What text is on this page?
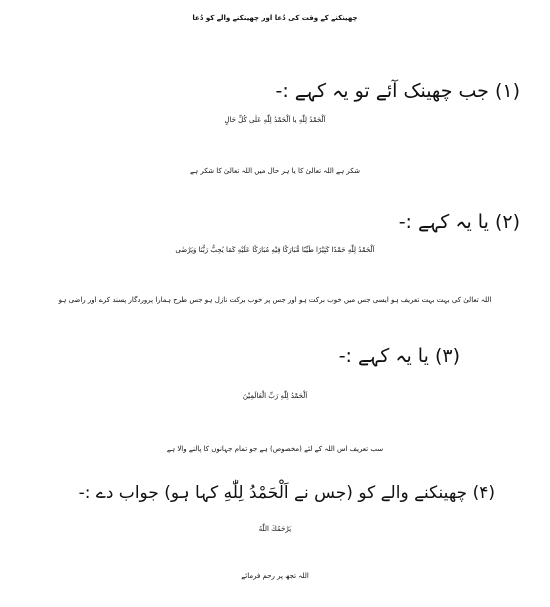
چھینکنے کے وقت کی دُعا اور چھینکنے والے کو دُعا
(۱) جب چھینک آئے تو یہ کہے :-
اَلْحَمْدُ لِلّٰهِ یا اَلْحَمْدُ لِلّٰهِ عَلٰى كُلِّ حَالٍ
شکر ہے اللہ تعالیٰ کا یا ہر حال میں اللہ تعالیٰ کا شکر ہے
(۲) یا یہ کہے :-
اَلْحَمْدُ لِلّٰهِ حَمْدًا كَثِيْرًا طَيِّبًا مُّبَارَكًا فِيْهِ مُبَارَكًا عَلَيْهِ كَمَا يُحِبُّ رَبُّنَا وَيَرْضٰى
اللہ تعالیٰ کی بہت بہت تعریف ہو ایسی جس میں خوب برکت ہو اور جس پر خوب برکت نازل ہو جس طرح ہمارا پروردگار پسند کرے اور راضی ہو
(۳) یا یہ کہے :-
اَلْحَمْدُ لِلّٰهِ رَبِّ الْعَالَمِيْنَ
سب تعریف اس اللہ کے لئے (مخصوص) ہے جو تمام جہانوں کا پالنے والا ہے
(۴) چھینکنے والے کو (جس نے اَلْحَمْدُ لِلّٰهِ کہا ہو) جواب دے :-
يَرْحَمُكَ اللّٰهُ
اللہ تجھ پر رحم فرمائے
